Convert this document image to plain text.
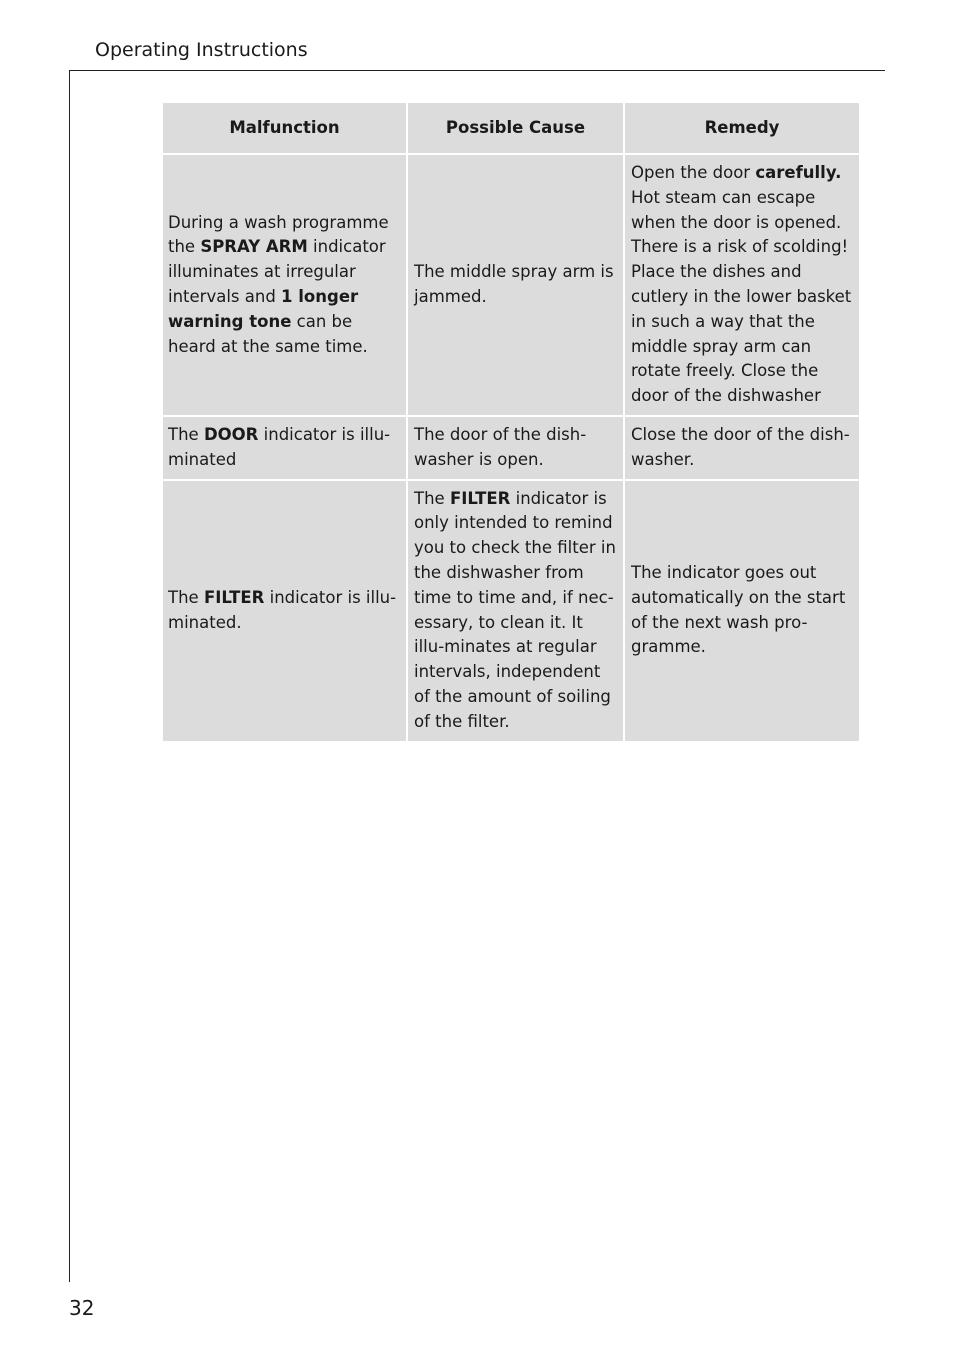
Operating Instructions
Malfunction	Possible Cause	Remedy
During a wash programme the SPRAY ARM indicator illuminates at irregular intervals and 1 longer warning tone can be heard at the same time.	The middle spray arm is jammed.	Open the door carefully. Hot steam can escape when the door is opened. There is a risk of scolding! Place the dishes and cutlery in the lower basket in such a way that the middle spray arm can rotate freely. Close the door of the dishwasher
The DOOR indicator is illu-minated	The door of the dish-washer is open.	Close the door of the dish-washer.
The FILTER indicator is illu-minated.	The FILTER indicator is only intended to remind you to check the filter in the dishwasher from time to time and, if nec-essary, to clean it. It illu-minates at regular intervals, independent of the amount of soiling of the filter.	The indicator goes out automatically on the start of the next wash pro-gramme.
32
